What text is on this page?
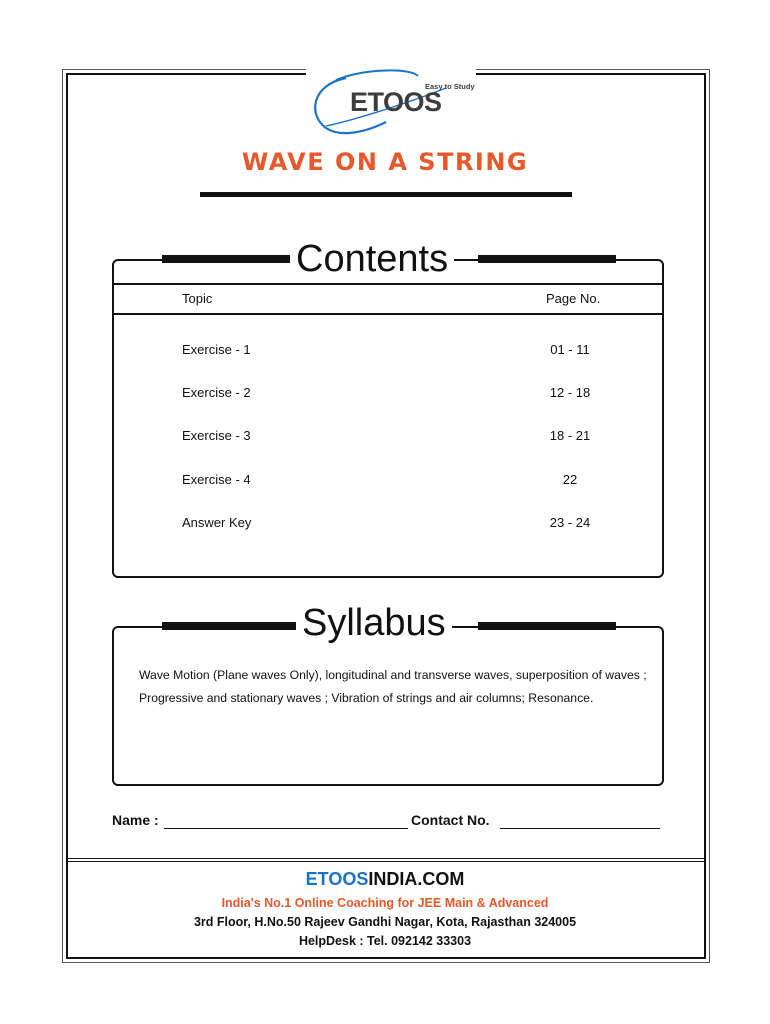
ETOOS
Easy to Study
WAVE ON A STRING
Contents
Topic	Page No.
Exercise - 1	01 - 11
Exercise - 2	12 - 18
Exercise - 3	18 - 21
Exercise - 4	22
Answer Key	23 - 24
Syllabus
Wave Motion (Plane waves Only), longitudinal and transverse waves, superposition of waves ; Progressive and stationary waves ; Vibration of strings and air columns; Resonance.
Name :	Contact No.
ETOOSINDIA.COM
India's No.1 Online Coaching for JEE Main & Advanced
3rd Floor, H.No.50 Rajeev Gandhi Nagar, Kota, Rajasthan 324005
HelpDesk : Tel. 092142 33303
